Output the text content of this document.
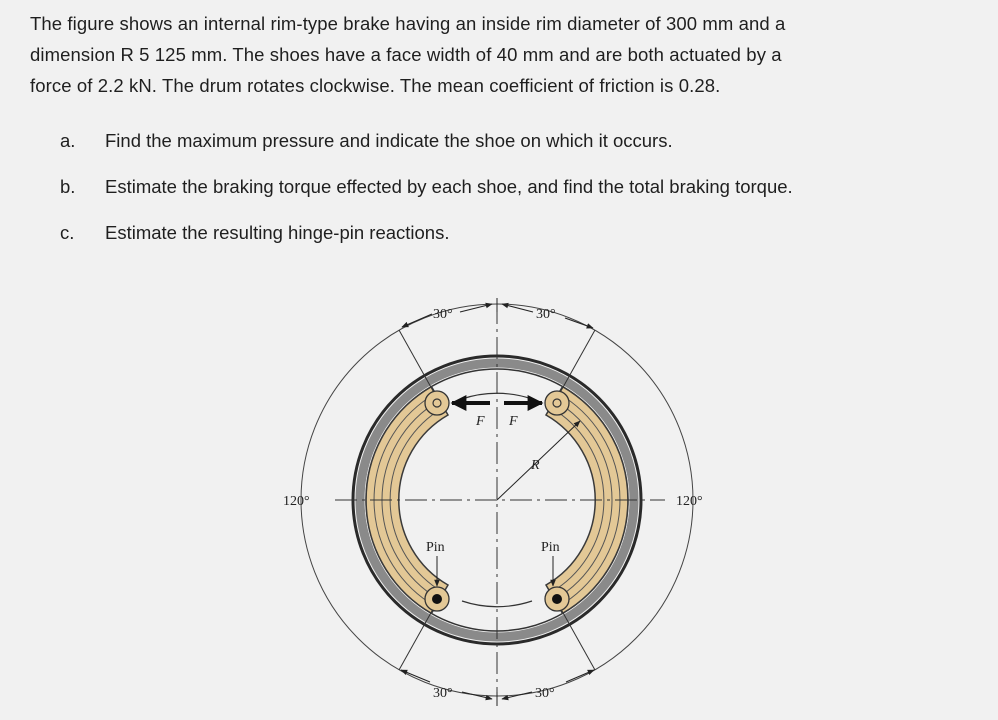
The figure shows an internal rim-type brake having an inside rim diameter of 300 mm and a
dimension R 5 125 mm. The shoes have a face width of 40 mm and are both actuated by a
force of 2.2 kN. The drum rotates clockwise. The mean coefficient of friction is 0.28.
a. Find the maximum pressure and indicate the shoe on which it occurs.
b. Estimate the braking torque effected by each shoe, and find the total braking torque.
c. Estimate the resulting hinge-pin reactions.
30°	30°
120°	120°
30°	30°
F F
R
Pin	Pin
